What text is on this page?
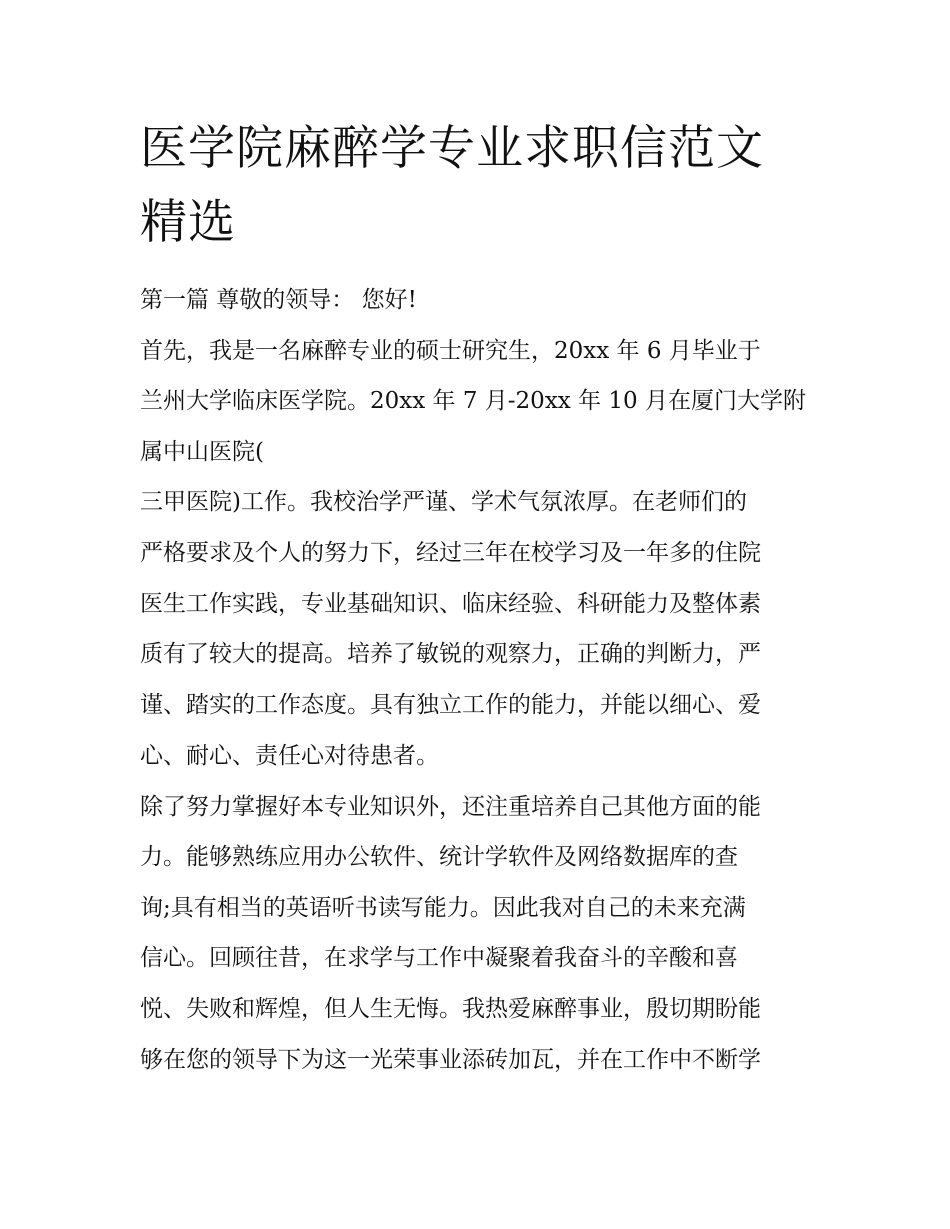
医学院麻醉学专业求职信范文
精选

第一篇 尊敬的领导： 您好!

首先，我是一名麻醉专业的硕士研究生，20xx 年 6 月毕业于

兰州大学临床医学院。20xx 年 7 月-20xx 年 10 月在厦门大学附

属中山医院(

三甲医院)工作。我校治学严谨、学术气氛浓厚。在老师们的

严格要求及个人的努力下，经过三年在校学习及一年多的住院

医生工作实践，专业基础知识、临床经验、科研能力及整体素

质有了较大的提高。培养了敏锐的观察力，正确的判断力，严

谨、踏实的工作态度。具有独立工作的能力，并能以细心、爱

心、耐心、责任心对待患者。

除了努力掌握好本专业知识外，还注重培养自己其他方面的能

力。能够熟练应用办公软件、统计学软件及网络数据库的查

询;具有相当的英语听书读写能力。因此我对自己的未来充满

信心。回顾往昔，在求学与工作中凝聚着我奋斗的辛酸和喜

悦、失败和辉煌，但人生无悔。我热爱麻醉事业，殷切期盼能

够在您的领导下为这一光荣事业添砖加瓦，并在工作中不断学
